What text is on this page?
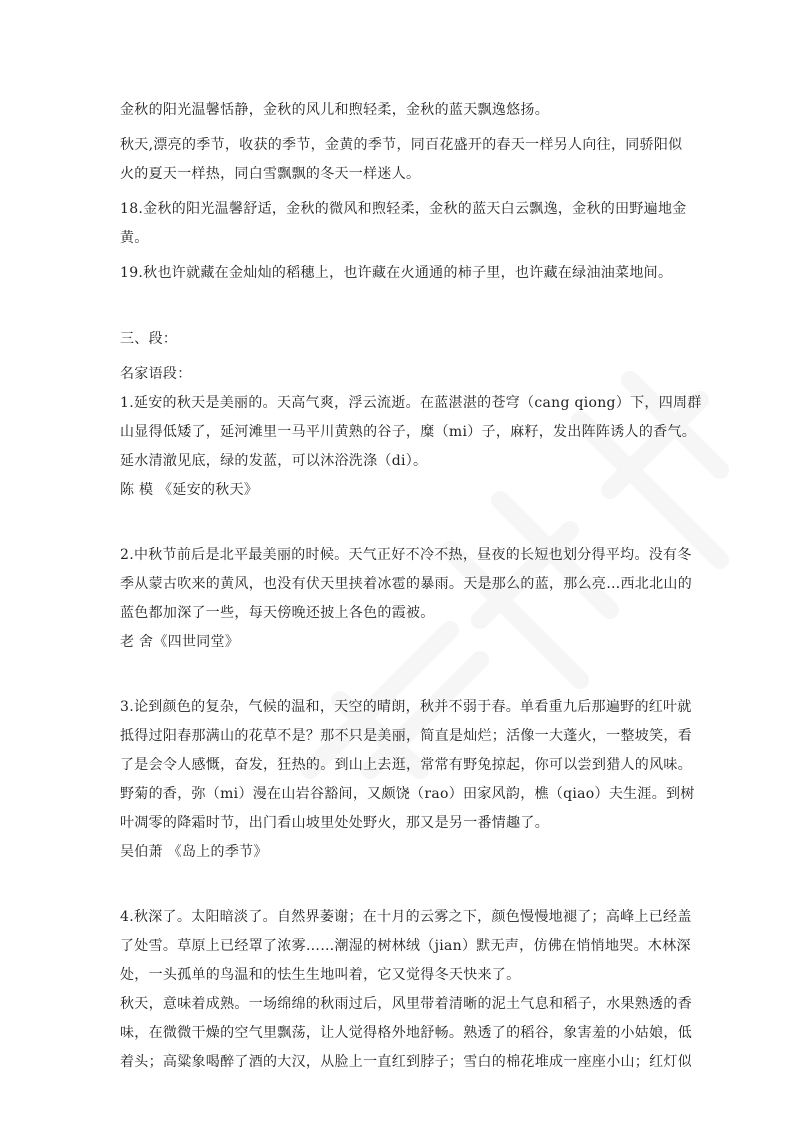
金秋的阳光温馨恬静，金秋的风儿和煦轻柔，金秋的蓝天飘逸悠扬。

秋天,漂亮的季节，收获的季节，金黄的季节，同百花盛开的春天一样另人向往，同骄阳似

火的夏天一样热，同白雪飘飘的冬天一样迷人。

18.金秋的阳光温馨舒适，金秋的微风和煦轻柔，金秋的蓝天白云飘逸，金秋的田野遍地金

黄。

19.秋也许就藏在金灿灿的稻穗上，也许藏在火通通的柿子里，也许藏在绿油油菜地间。

三、段：

名家语段：

1.延安的秋天是美丽的。天高气爽，浮云流逝。在蓝湛湛的苍穹（cang qiong）下，四周群

山显得低矮了，延河滩里一马平川黄熟的谷子，糜（mi）子，麻籽，发出阵阵诱人的香气。

延水清澈见底，绿的发蓝，可以沐浴洗涤（di）。

陈 模 《延安的秋天》

2.中秋节前后是北平最美丽的时候。天气正好不冷不热，昼夜的长短也划分得平均。没有冬

季从蒙古吹来的黄风，也没有伏天里挟着冰雹的暴雨。天是那么的蓝，那么亮…西北北山的

蓝色都加深了一些，每天傍晚还披上各色的霞被。

老 舍《四世同堂》

3.论到颜色的复杂，气候的温和，天空的晴朗，秋并不弱于春。单看重九后那遍野的红叶就

抵得过阳春那满山的花草不是？那不只是美丽，简直是灿烂；活像一大蓬火，一整坡笑，看

了是会令人感慨，奋发，狂热的。到山上去逛，常常有野兔掠起，你可以尝到猎人的风味。

野菊的香，弥（mi）漫在山岩谷豁间，又颇饶（rao）田家风韵，樵（qiao）夫生涯。到树

叶凋零的降霜时节，出门看山坡里处处野火，那又是另一番情趣了。

吴伯萧 《岛上的季节》

4.秋深了。太阳暗淡了。自然界萎谢；在十月的云雾之下，颜色慢慢地褪了；高峰上已经盖

了处雪。草原上已经罩了浓雾……潮湿的树林绒（jian）默无声，仿佛在悄悄地哭。木林深

处，一头孤单的鸟温和的怯生生地叫着，它又觉得冬天快来了。

秋天，意味着成熟。一场绵绵的秋雨过后，风里带着清晰的泥土气息和稻子，水果熟透的香

味，在微微干燥的空气里飘荡，让人觉得格外地舒畅。熟透了的稻谷，象害羞的小姑娘，低

着头；高粱象喝醉了酒的大汉，从脸上一直红到脖子；雪白的棉花堆成一座座小山；红灯似
